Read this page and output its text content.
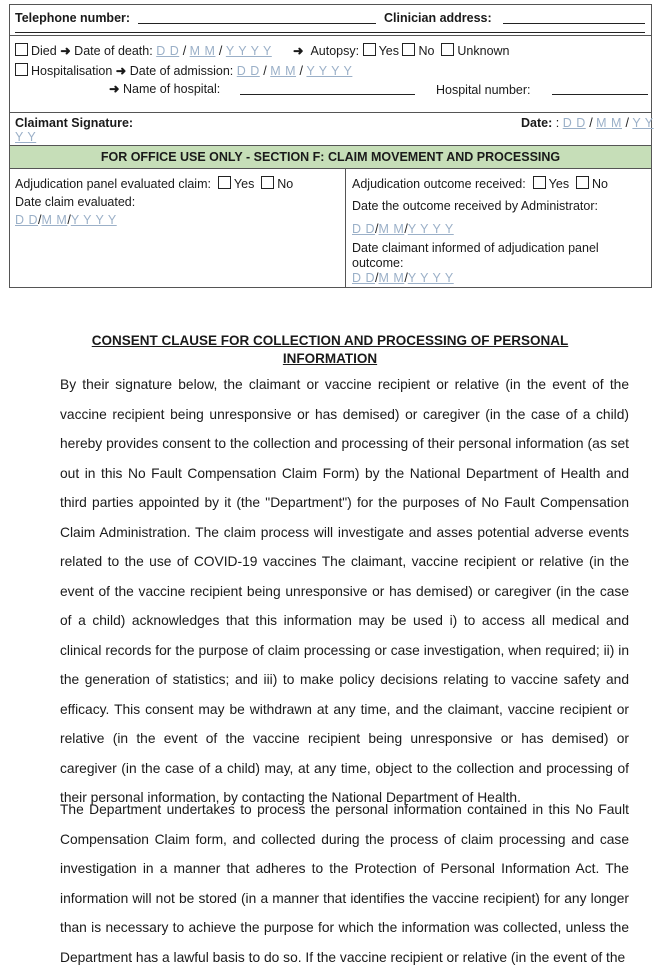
Telephone number:	Clinician address:
Died ➜ Date of death: D D / M M / Y Y Y Y ➜ Autopsy: Yes No Unknown
Hospitalisation ➜ Date of admission: D D / M M / Y Y Y Y
➜ Name of hospital:	Hospital number:
Claimant Signature:
Y Y
Date: : D D / M M / Y Y
FOR OFFICE USE ONLY - SECTION F: CLAIM MOVEMENT AND PROCESSING
Adjudication panel evaluated claim: Yes No
Date claim evaluated:
D D/M M/Y Y Y Y
Adjudication outcome received: Yes No
Date the outcome received by Administrator:
D D/M M/Y Y Y Y
Date claimant informed of adjudication panel
outcome:
D D/M M/Y Y Y Y
CONSENT CLAUSE FOR COLLECTION AND PROCESSING OF PERSONAL
INFORMATION
By their signature below, the claimant or vaccine recipient or relative (in the event of the vaccine recipient being unresponsive or has demised) or caregiver (in the case of a child) hereby provides consent to the collection and processing of their personal information (as set out in this No Fault Compensation Claim Form) by the National Department of Health and third parties appointed by it (the "Department") for the purposes of No Fault Compensation Claim Administration. The claim process will investigate and asses potential adverse events related to the use of COVID-19 vaccines The claimant, vaccine recipient or relative (in the event of the vaccine recipient being unresponsive or has demised) or caregiver (in the case of a child) acknowledges that this information may be used i) to access all medical and clinical records for the purpose of claim processing or case investigation, when required; ii) in the generation of statistics; and iii) to make policy decisions relating to vaccine safety and efficacy. This consent may be withdrawn at any time, and the claimant, vaccine recipient or relative (in the event of the vaccine recipient being unresponsive or has demised) or caregiver (in the case of a child) may, at any time, object to the collection and processing of their personal information, by contacting the National Department of Health.
The Department undertakes to process the personal information contained in this No Fault Compensation Claim form, and collected during the process of claim processing and case investigation in a manner that adheres to the Protection of Personal Information Act. The information will not be stored (in a manner that identifies the vaccine recipient) for any longer than is necessary to achieve the purpose for which the information was collected, unless the Department has a lawful basis to do so. If the vaccine recipient or relative (in the event of the
